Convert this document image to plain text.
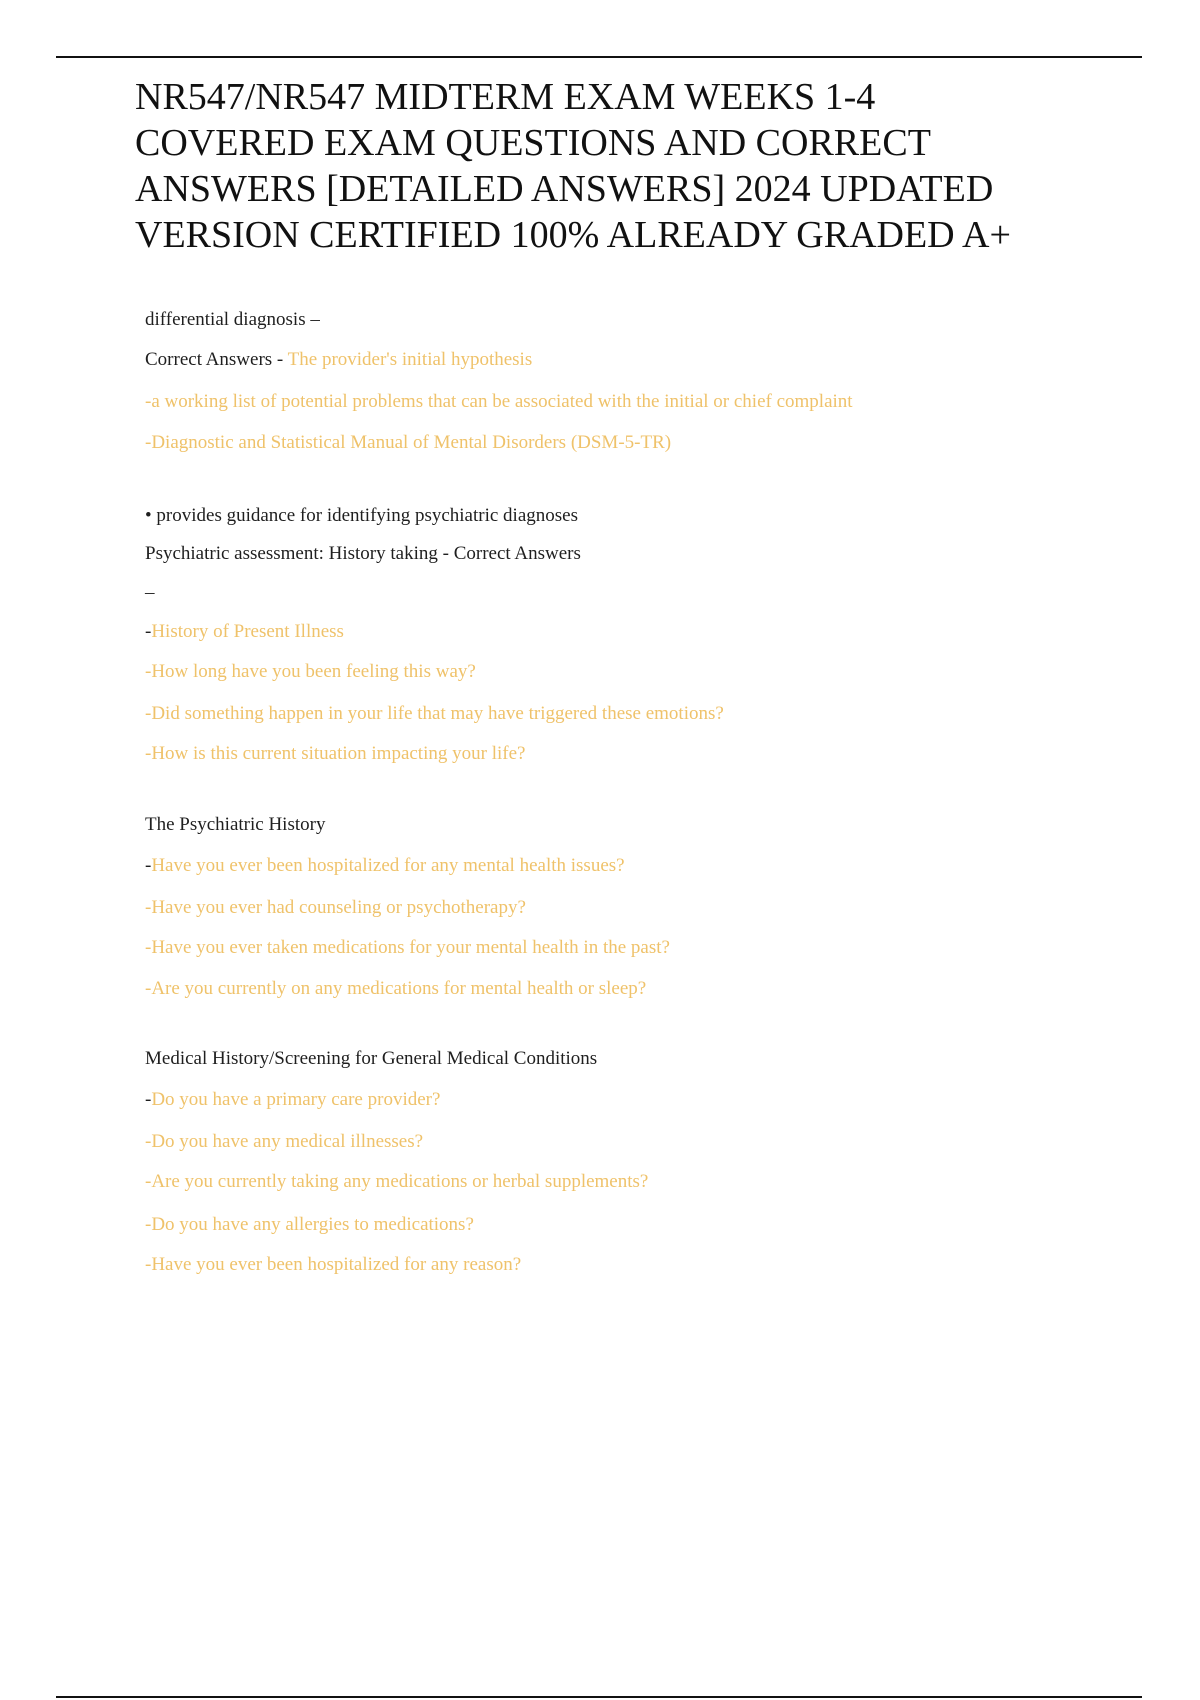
NR547/NR547 MIDTERM EXAM WEEKS 1-4
COVERED EXAM QUESTIONS AND CORRECT
ANSWERS [DETAILED ANSWERS] 2024 UPDATED
VERSION CERTIFIED 100% ALREADY GRADED A+
differential diagnosis –
Correct Answers - The provider's initial hypothesis
-a working list of potential problems that can be associated with the initial or chief complaint
-Diagnostic and Statistical Manual of Mental Disorders (DSM-5-TR)
• provides guidance for identifying psychiatric diagnoses
Psychiatric assessment: History taking - Correct Answers
–
-History of Present Illness
-How long have you been feeling this way?
-Did something happen in your life that may have triggered these emotions?
-How is this current situation impacting your life?
The Psychiatric History
-Have you ever been hospitalized for any mental health issues?
-Have you ever had counseling or psychotherapy?
-Have you ever taken medications for your mental health in the past?
-Are you currently on any medications for mental health or sleep?
Medical History/Screening for General Medical Conditions
-Do you have a primary care provider?
-Do you have any medical illnesses?
-Are you currently taking any medications or herbal supplements?
-Do you have any allergies to medications?
-Have you ever been hospitalized for any reason?
